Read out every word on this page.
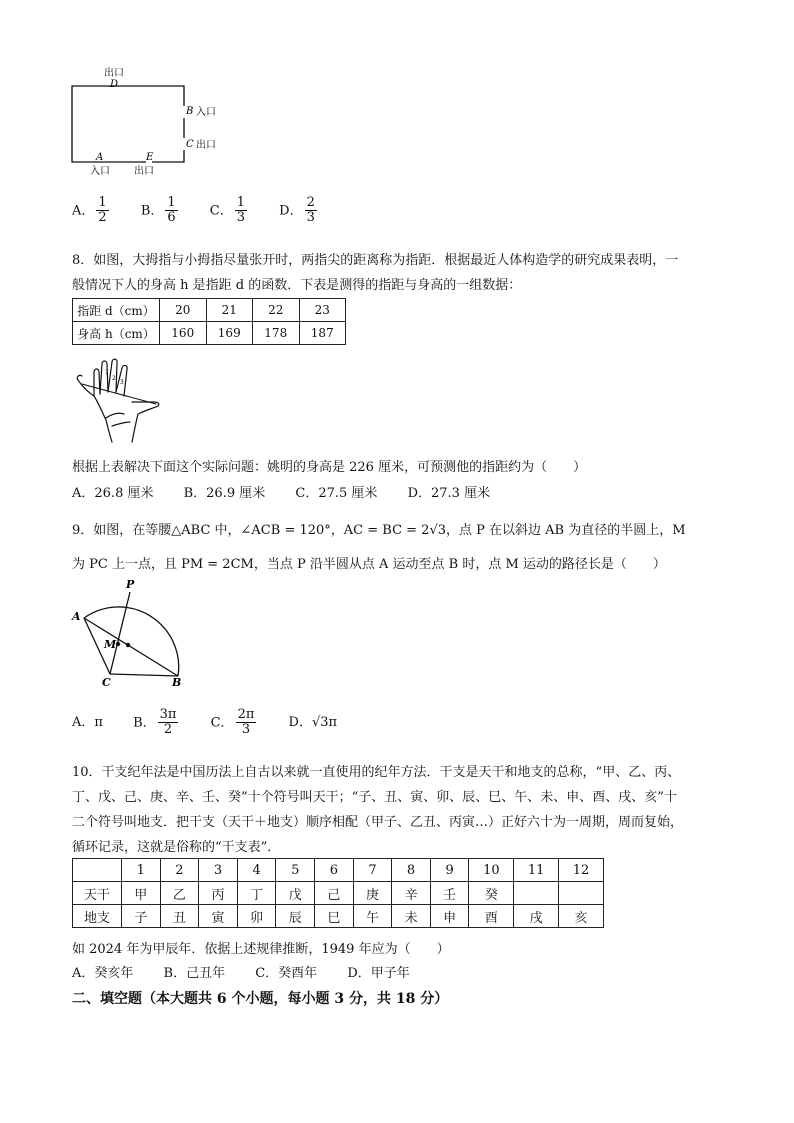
出口
D
B 入口
C 出口
A	E
入口 出口
A． $\frac{1}{2}$ B． $\frac{1}{6}$ C． $\frac{1}{3}$ D． $\frac{2}{3}$
8．如图，大拇指与小拇指尽量张开时，两指尖的距离称为指距．根据最近人体构造学的研究成果表明，一
般情况下人的身高 h 是指距 d 的函数．下表是测得的指距与身高的一组数据：
指距 d（cm）	20	21	22	23
身高 h（cm）	160	169	178	187
1
2
3
根据上表解决下面这个实际问题：姚明的身高是 226 厘米，可预测他的指距约为（　　）
A．26.8 厘米 B．26.9 厘米 C．27.5 厘米 D．27.3 厘米
9．如图，在等腰△ABC 中，∠ACB = 120°，AC = BC = 2√3，点 P 在以斜边 AB 为直径的半圆上，M
为 PC 上一点，且 PM = 2CM，当点 P 沿半圆从点 A 运动至点 B 时，点 M 运动的路径长是（　　）
P
A
M
C	B
A．π B． $\frac{3\pi}{2}$ C． $\frac{2\pi}{3}$ D．√3π
10．干支纪年法是中国历法上自古以来就一直使用的纪年方法．干支是天干和地支的总称，“甲、乙、丙、
丁、戊、己、庚、辛、壬、癸”十个符号叫天干；“子、丑、寅、卯、辰、巳、午、未、申、酉、戌、亥”十
二个符号叫地支．把干支（天干＋地支）顺序相配（甲子、乙丑、丙寅…）正好六十为一周期，周而复始，
循环记录，这就是俗称的“干支表”．
	1	2	3	4	5	6	7	8	9	10	11	12
天干	甲	乙	丙	丁	戊	己	庚	辛	壬	癸		
地支	子	丑	寅	卯	辰	巳	午	未	申	酉	戌	亥
如 2024 年为甲辰年．依据上述规律推断，1949 年应为（　　）
A．癸亥年 B．己丑年 C．癸酉年 D．甲子年
二、填空题（本大题共 6 个小题，每小题 3 分，共 18 分）
